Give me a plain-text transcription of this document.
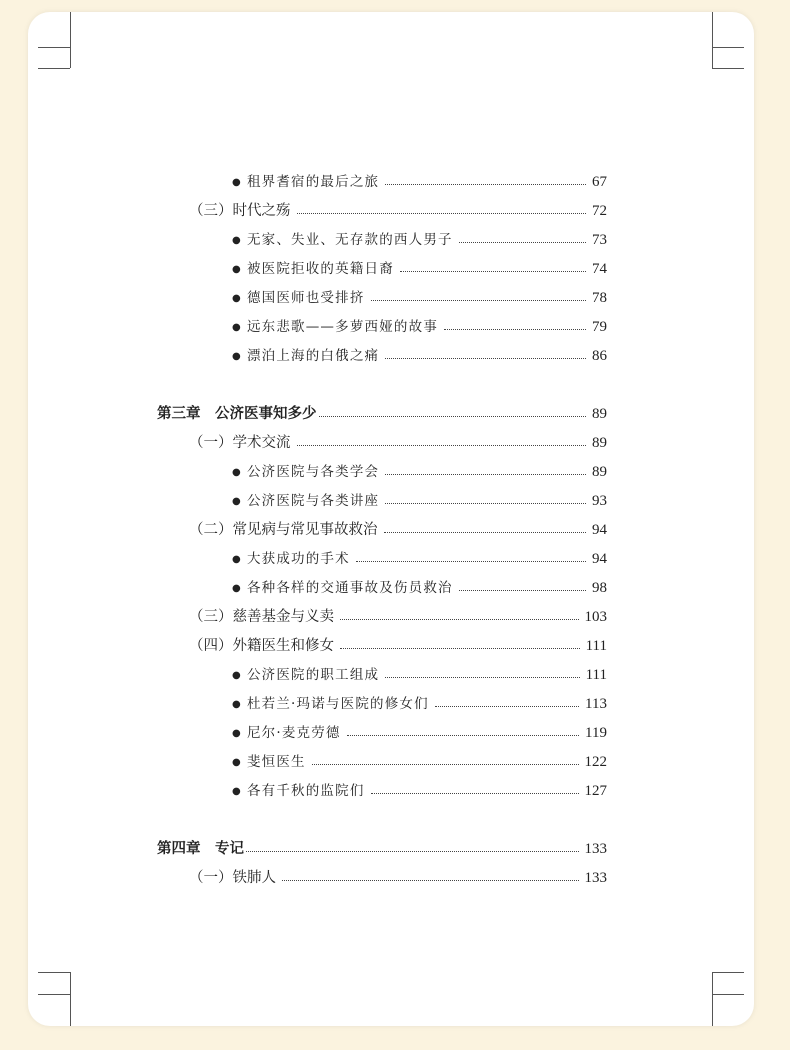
● 租界耆宿的最后之旅	67
（三）时代之殇	72
● 无家、失业、无存款的西人男子	73
● 被医院拒收的英籍日裔	74
● 德国医师也受排挤	78
● 远东悲歌——多萝西娅的故事	79
● 漂泊上海的白俄之痛	86
第三章　公济医事知多少	89
（一）学术交流	89
● 公济医院与各类学会	89
● 公济医院与各类讲座	93
（二）常见病与常见事故救治	94
● 大获成功的手术	94
● 各种各样的交通事故及伤员救治	98
（三）慈善基金与义卖	103
（四）外籍医生和修女	111
● 公济医院的职工组成	111
● 杜若兰·玛诺与医院的修女们	113
● 尼尔·麦克劳德	119
● 斐恒医生	122
● 各有千秋的监院们	127
第四章　专记	133
（一）铁肺人	133
